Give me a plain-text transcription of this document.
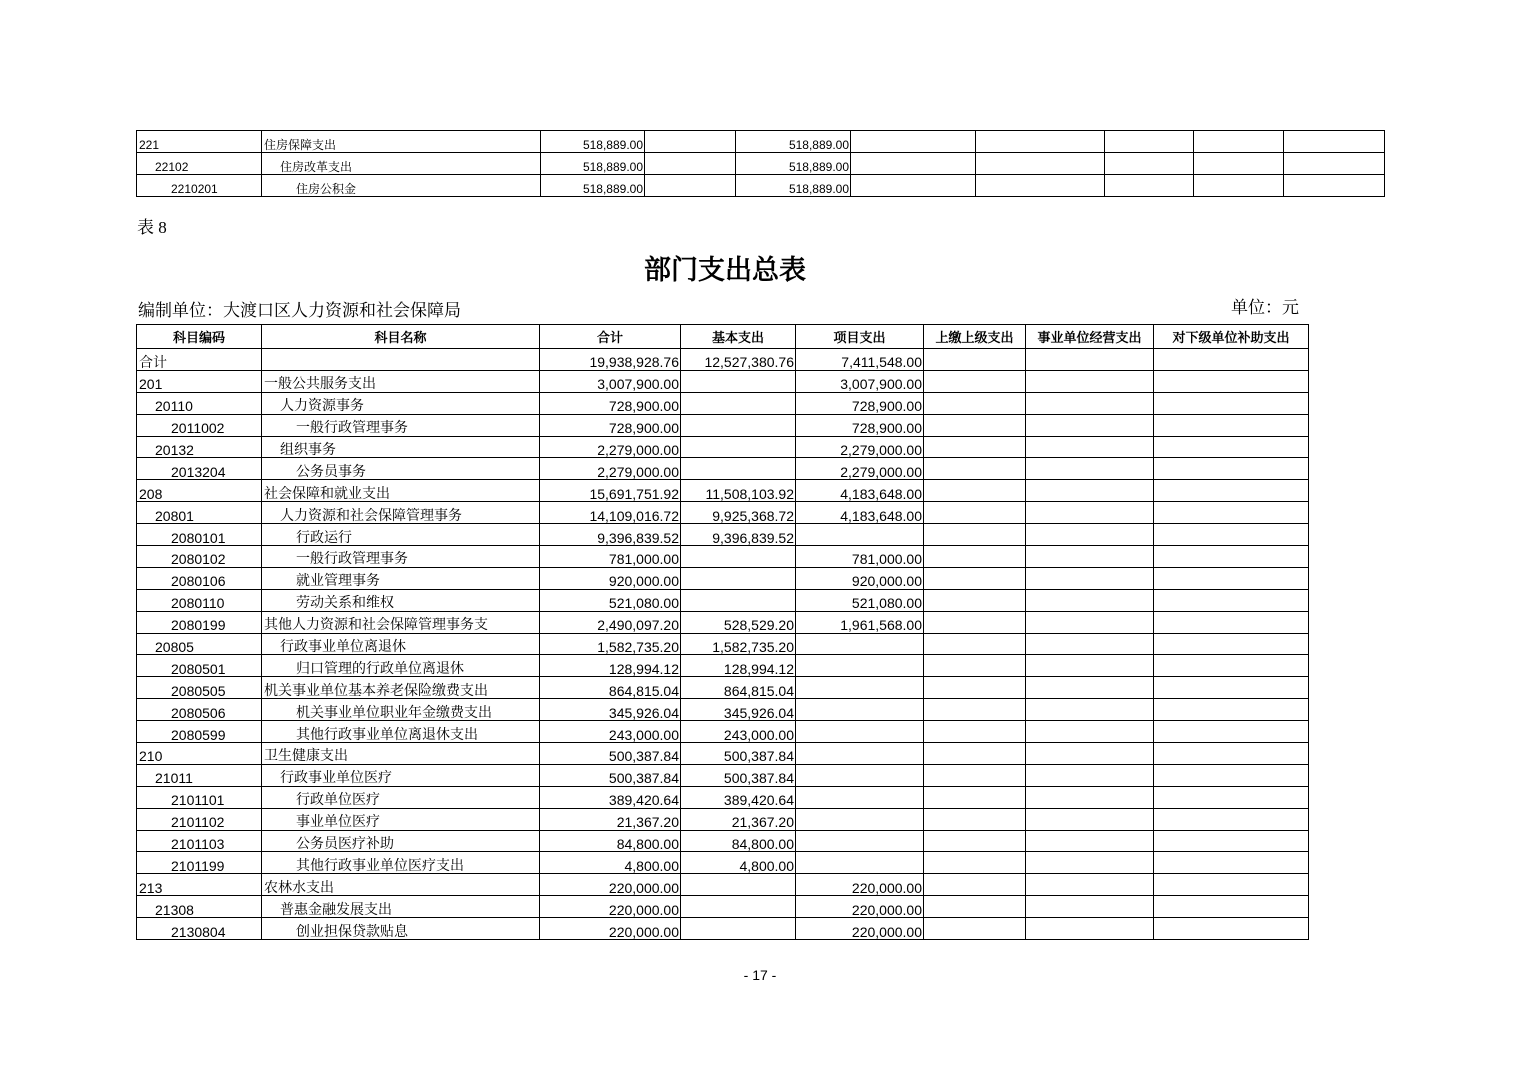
221	住房保障支出	518,889.00		518,889.00					
22102	住房改革支出	518,889.00		518,889.00					
2210201	住房公积金	518,889.00		518,889.00					
表 8
部门支出总表
编制单位：大渡口区人力资源和社会保障局	单位：元
科目编码	科目名称	合计	基本支出	项目支出	上缴上级支出	事业单位经营支出	对下级单位补助支出
合计		19,938,928.76	12,527,380.76	7,411,548.00			
201	一般公共服务支出	3,007,900.00		3,007,900.00			
20110	人力资源事务	728,900.00		728,900.00			
2011002	一般行政管理事务	728,900.00		728,900.00			
20132	组织事务	2,279,000.00		2,279,000.00			
2013204	公务员事务	2,279,000.00		2,279,000.00			
208	社会保障和就业支出	15,691,751.92	11,508,103.92	4,183,648.00			
20801	人力资源和社会保障管理事务	14,109,016.72	9,925,368.72	4,183,648.00			
2080101	行政运行	9,396,839.52	9,396,839.52				
2080102	一般行政管理事务	781,000.00		781,000.00			
2080106	就业管理事务	920,000.00		920,000.00			
2080110	劳动关系和维权	521,080.00		521,080.00			
2080199	其他人力资源和社会保障管理事务支	2,490,097.20	528,529.20	1,961,568.00			
20805	行政事业单位离退休	1,582,735.20	1,582,735.20				
2080501	归口管理的行政单位离退休	128,994.12	128,994.12				
2080505	机关事业单位基本养老保险缴费支出	864,815.04	864,815.04				
2080506	机关事业单位职业年金缴费支出	345,926.04	345,926.04				
2080599	其他行政事业单位离退休支出	243,000.00	243,000.00				
210	卫生健康支出	500,387.84	500,387.84				
21011	行政事业单位医疗	500,387.84	500,387.84				
2101101	行政单位医疗	389,420.64	389,420.64				
2101102	事业单位医疗	21,367.20	21,367.20				
2101103	公务员医疗补助	84,800.00	84,800.00				
2101199	其他行政事业单位医疗支出	4,800.00	4,800.00				
213	农林水支出	220,000.00		220,000.00			
21308	普惠金融发展支出	220,000.00		220,000.00			
2130804	创业担保贷款贴息	220,000.00		220,000.00			
- 17 -
